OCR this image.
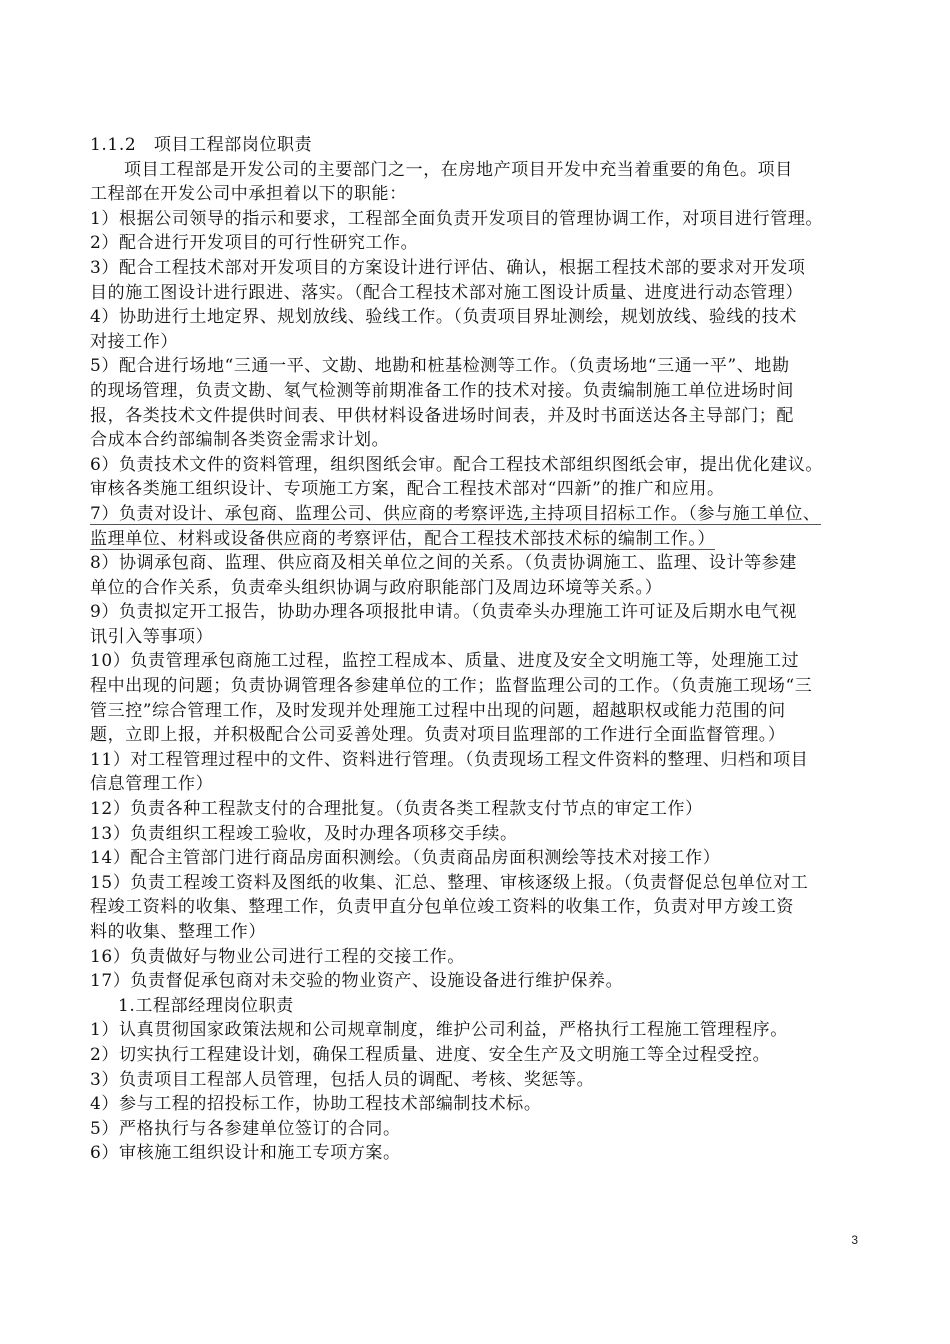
1.1.2　项目工程部岗位职责
项目工程部是开发公司的主要部门之一，在房地产项目开发中充当着重要的角色。项目
工程部在开发公司中承担着以下的职能：
1）根据公司领导的指示和要求，工程部全面负责开发项目的管理协调工作，对项目进行管理。
2）配合进行开发项目的可行性研究工作。
3）配合工程技术部对开发项目的方案设计进行评估、确认，根据工程技术部的要求对开发项
目的施工图设计进行跟进、落实。（配合工程技术部对施工图设计质量、进度进行动态管理）
4）协助进行土地定界、规划放线、验线工作。（负责项目界址测绘，规划放线、验线的技术
对接工作）
5）配合进行场地“三通一平、文勘、地勘和桩基检测等工作。（负责场地“三通一平”、地勘
的现场管理，负责文勘、氡气检测等前期准备工作的技术对接。负责编制施工单位进场时间
报，各类技术文件提供时间表、甲供材料设备进场时间表，并及时书面送达各主导部门；配
合成本合约部编制各类资金需求计划。
6）负责技术文件的资料管理，组织图纸会审。配合工程技术部组织图纸会审，提出优化建议。
审核各类施工组织设计、专项施工方案，配合工程技术部对“四新”的推广和应用。
7）负责对设计、承包商、监理公司、供应商的考察评选,主持项目招标工作。（参与施工单位、
监理单位、材料或设备供应商的考察评估，配合工程技术部技术标的编制工作。）
8）协调承包商、监理、供应商及相关单位之间的关系。（负责协调施工、监理、设计等参建
单位的合作关系，负责牵头组织协调与政府职能部门及周边环境等关系。）
9）负责拟定开工报告，协助办理各项报批申请。（负责牵头办理施工许可证及后期水电气视
讯引入等事项）
10）负责管理承包商施工过程，监控工程成本、质量、进度及安全文明施工等，处理施工过
程中出现的问题；负责协调管理各参建单位的工作；监督监理公司的工作。（负责施工现场“三
管三控”综合管理工作，及时发现并处理施工过程中出现的问题，超越职权或能力范围的问
题，立即上报，并积极配合公司妥善处理。负责对项目监理部的工作进行全面监督管理。）
11）对工程管理过程中的文件、资料进行管理。（负责现场工程文件资料的整理、归档和项目
信息管理工作）
12）负责各种工程款支付的合理批复。（负责各类工程款支付节点的审定工作）
13）负责组织工程竣工验收，及时办理各项移交手续。
14）配合主管部门进行商品房面积测绘。（负责商品房面积测绘等技术对接工作）
15）负责工程竣工资料及图纸的收集、汇总、整理、审核逐级上报。（负责督促总包单位对工
程竣工资料的收集、整理工作，负责甲直分包单位竣工资料的收集工作，负责对甲方竣工资
料的收集、整理工作）
16）负责做好与物业公司进行工程的交接工作。
17）负责督促承包商对未交验的物业资产、设施设备进行维护保养。
1.工程部经理岗位职责
1）认真贯彻国家政策法规和公司规章制度，维护公司利益，严格执行工程施工管理程序。
2）切实执行工程建设计划，确保工程质量、进度、安全生产及文明施工等全过程受控。
3）负责项目工程部人员管理，包括人员的调配、考核、奖惩等。
4）参与工程的招投标工作，协助工程技术部编制技术标。
5）严格执行与各参建单位签订的合同。
6）审核施工组织设计和施工专项方案。
3
